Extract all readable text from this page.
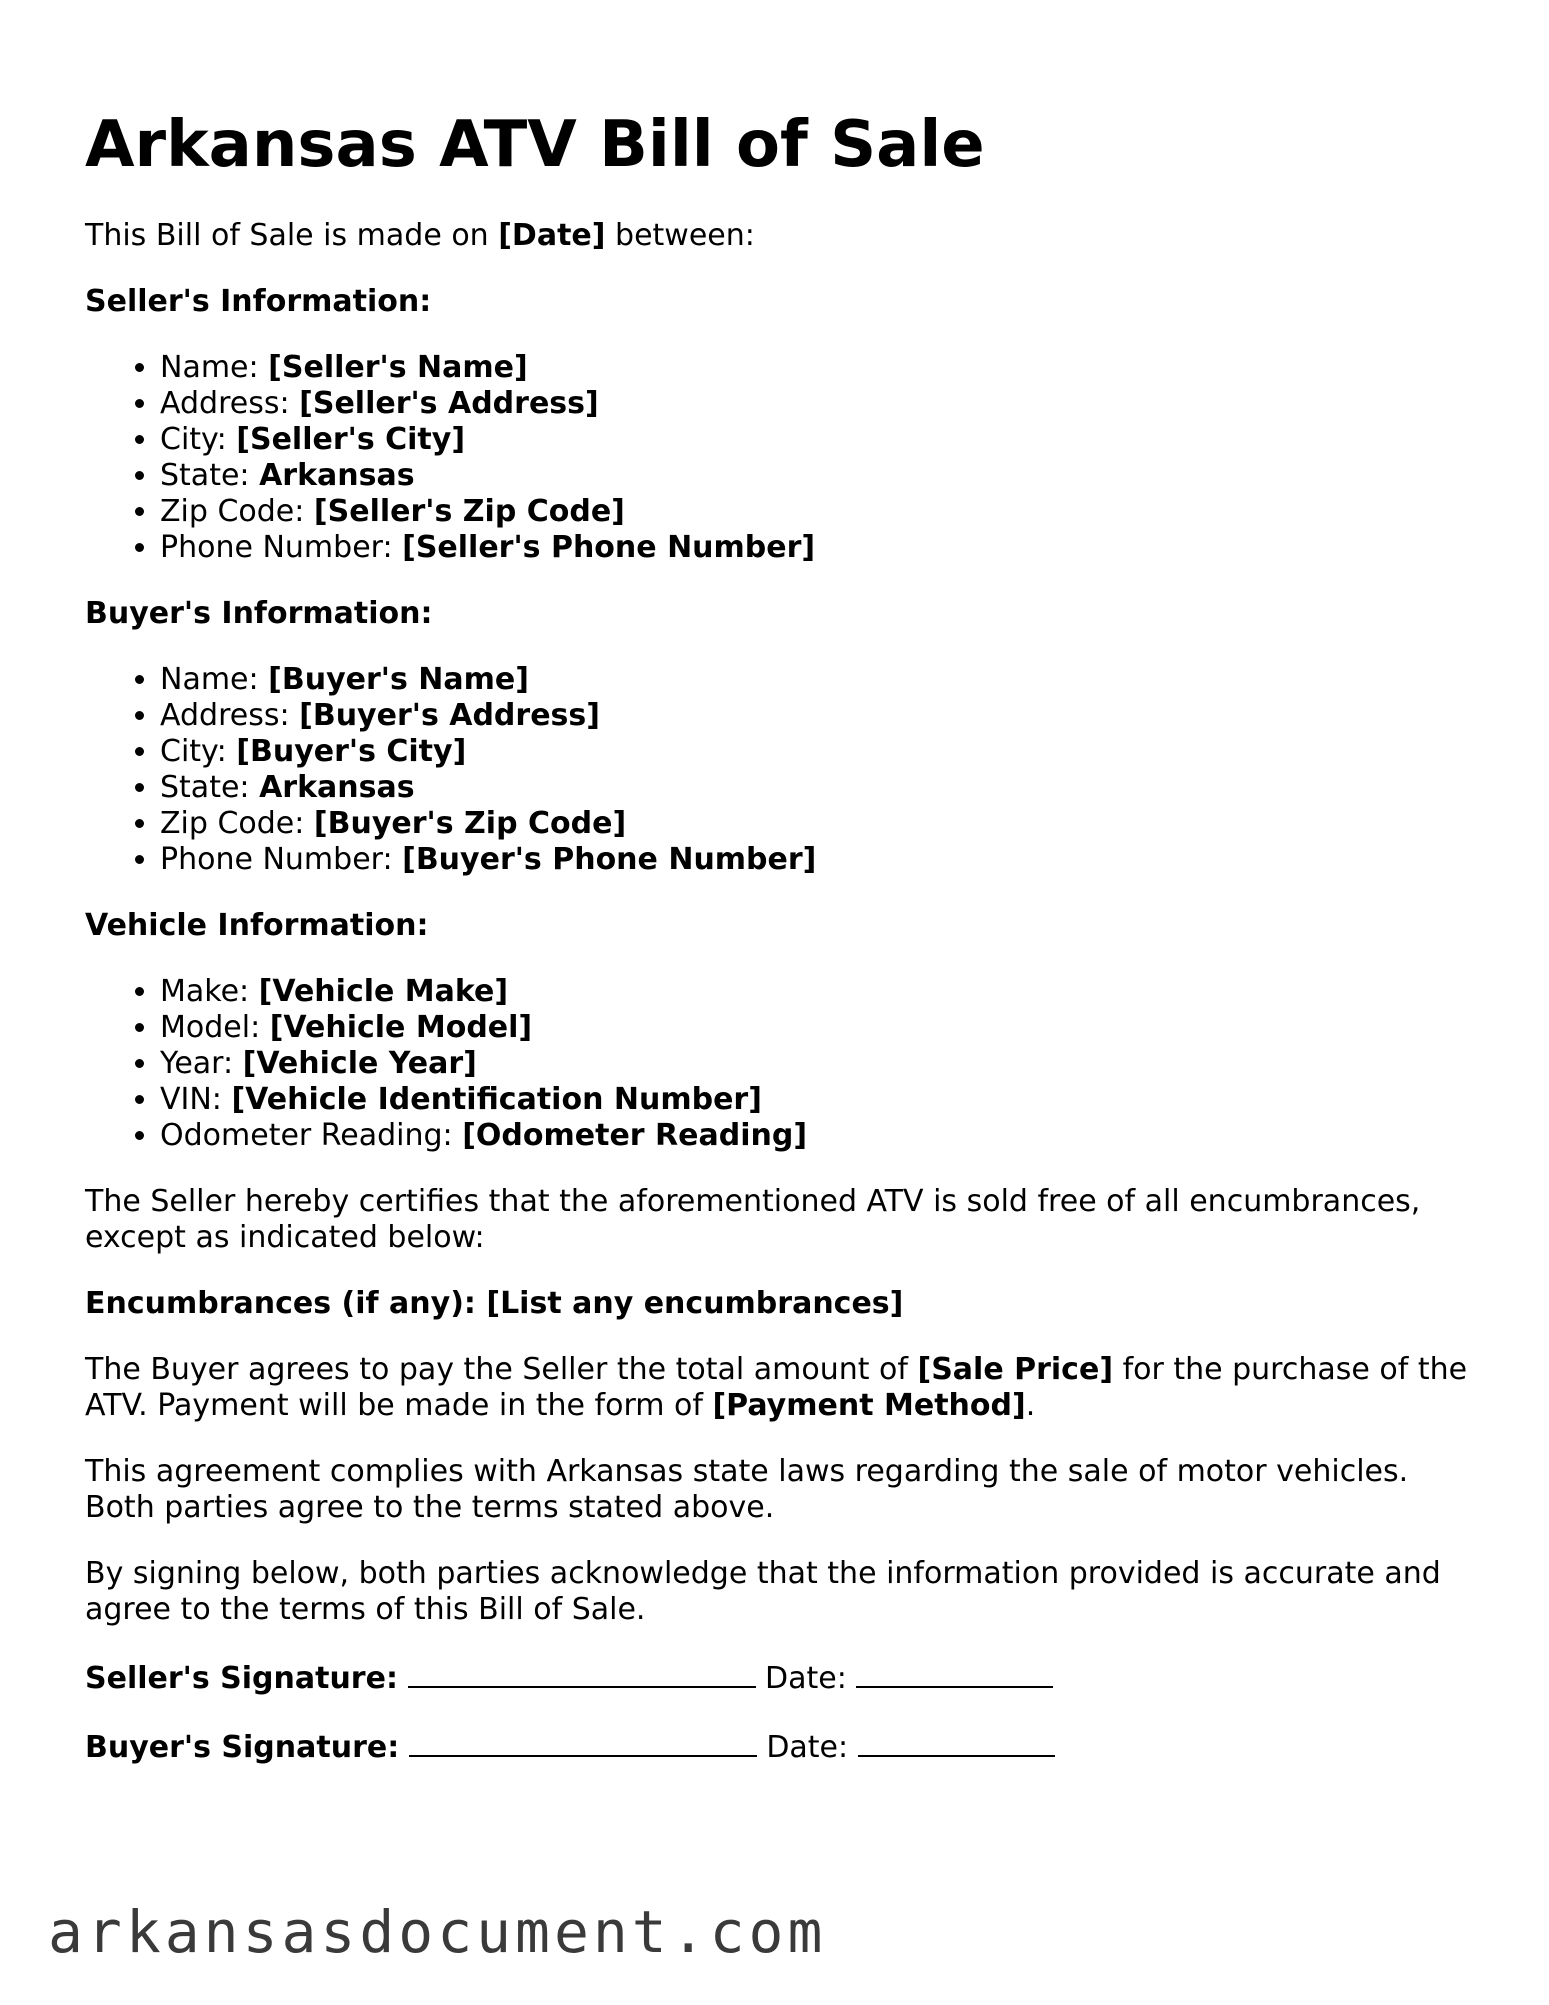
Arkansas ATV Bill of Sale

This Bill of Sale is made on [Date] between:

Seller's Information:
• Name: [Seller's Name]
• Address: [Seller's Address]
• City: [Seller's City]
• State: Arkansas
• Zip Code: [Seller's Zip Code]
• Phone Number: [Seller's Phone Number]
Buyer's Information:
• Name: [Buyer's Name]
• Address: [Buyer's Address]
• City: [Buyer's City]
• State: Arkansas
• Zip Code: [Buyer's Zip Code]
• Phone Number: [Buyer's Phone Number]
Vehicle Information:
• Make: [Vehicle Make]
• Model: [Vehicle Model]
• Year: [Vehicle Year]
• VIN: [Vehicle Identification Number]
• Odometer Reading: [Odometer Reading]

The Seller hereby certifies that the aforementioned ATV is sold free of all encumbrances, except as indicated below:

Encumbrances (if any): [List any encumbrances]

The Buyer agrees to pay the Seller the total amount of [Sale Price] for the purchase of the ATV. Payment will be made in the form of [Payment Method].

This agreement complies with Arkansas state laws regarding the sale of motor vehicles. Both parties agree to the terms stated above.

By signing below, both parties acknowledge that the information provided is accurate and agree to the terms of this Bill of Sale.

Seller's Signature:	Date:
Buyer's Signature:	Date:
arkansasdocument.com
